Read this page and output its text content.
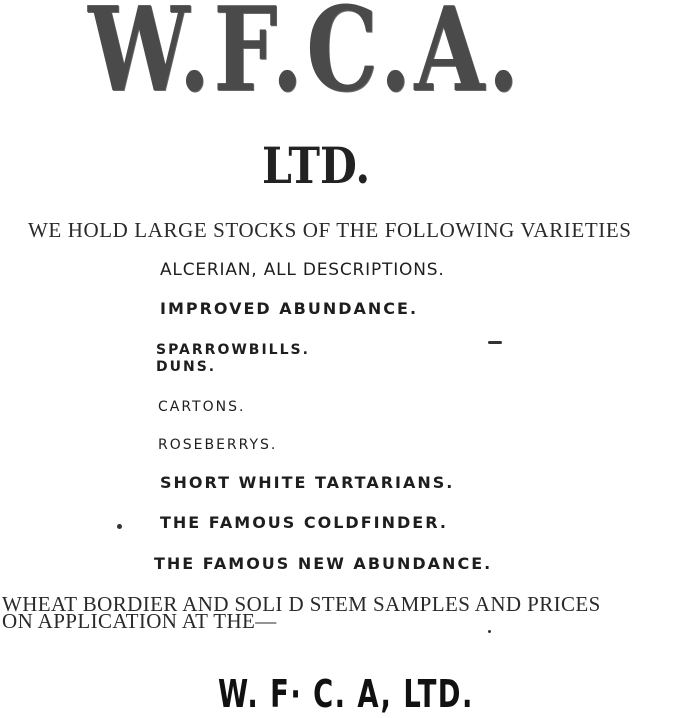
W.F.C.A.
LTD.

WE HOLD LARGE STOCKS OF THE FOLLOWING VARIETIES

ALCERIAN, ALL DESCRIPTIONS.
IMPROVED ABUNDANCE.
SPARROWBILLS.
DUNS.
CARTONS.
ROSEBERRYS.
SHORT WHITE TARTARIANS.
THE FAMOUS COLDFINDER.
THE FAMOUS NEW ABUNDANCE.
WHEAT BORDIER AND SOLI D STEM SAMPLES AND PRICES
ON APPLICATION AT THE—
W. F· C. A, LTD.
